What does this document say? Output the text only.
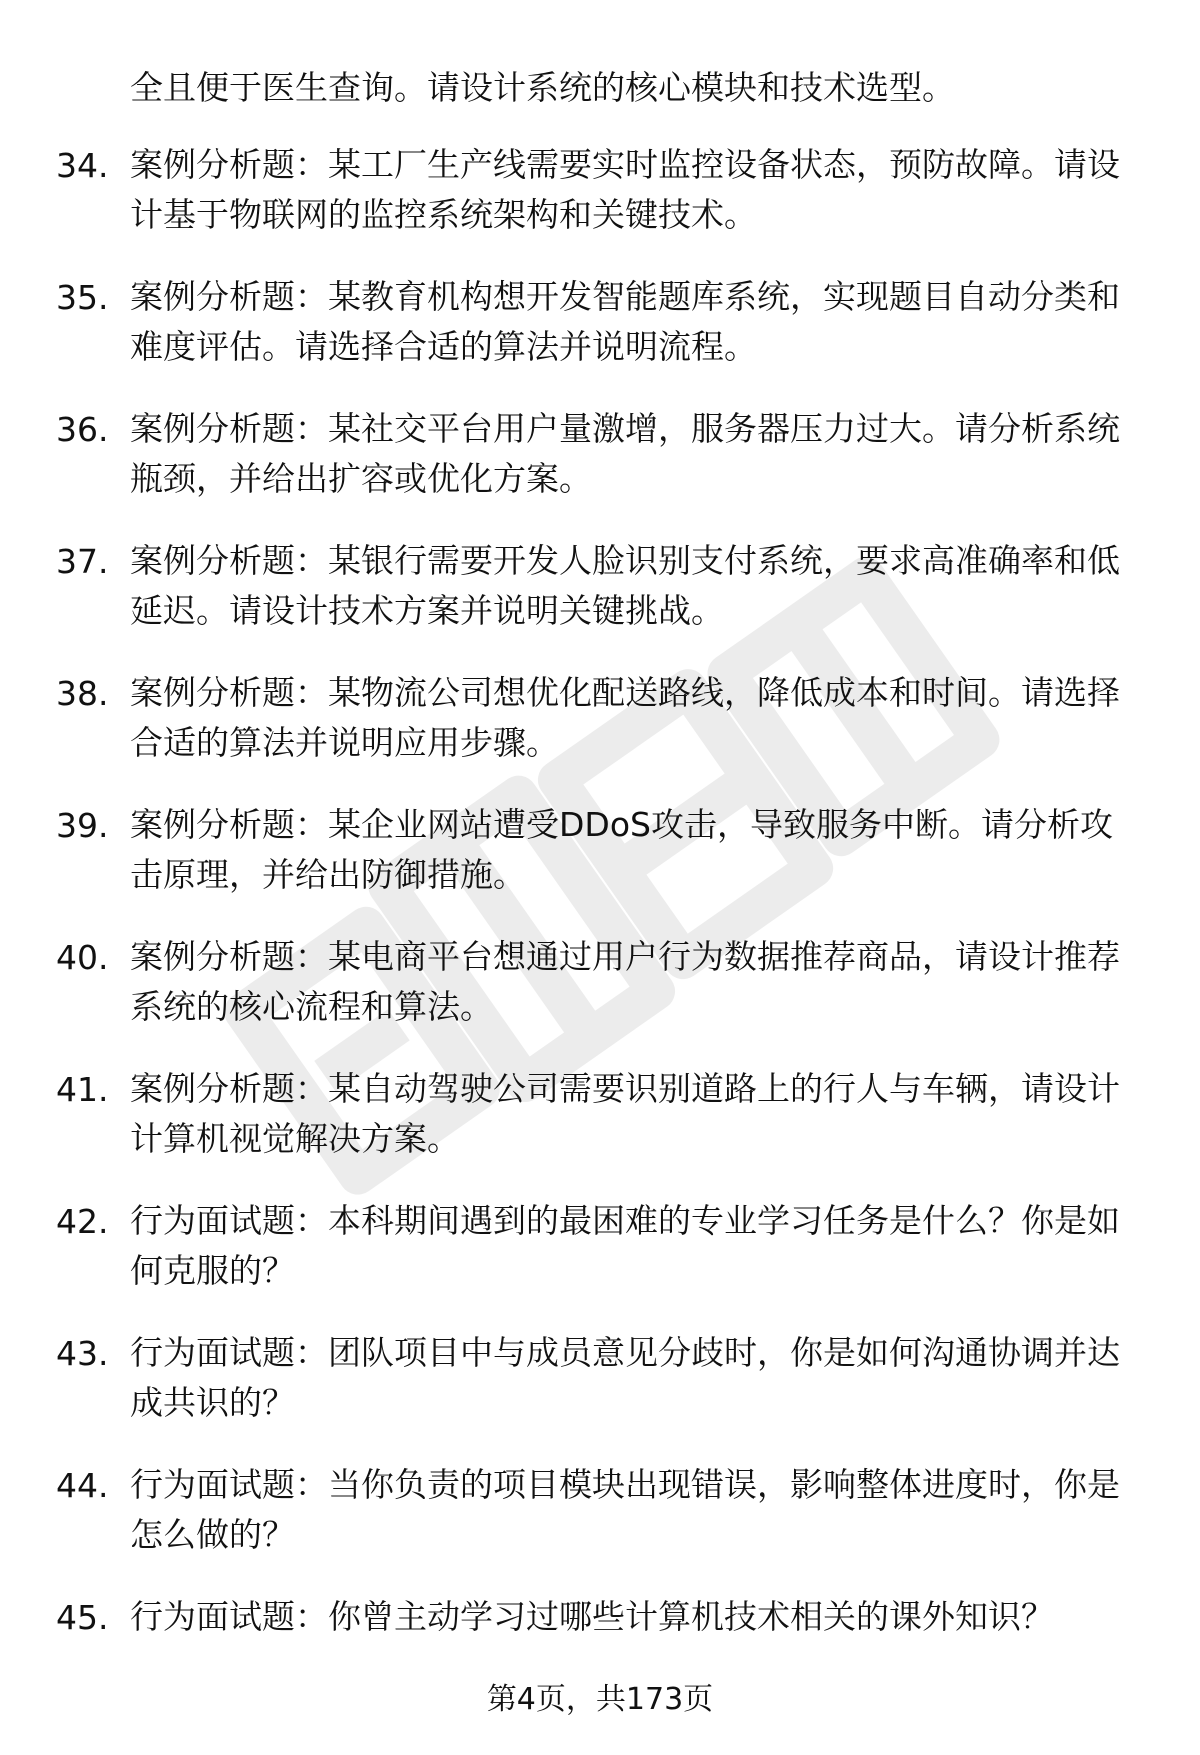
全且便于医生查询。请设计系统的核心模块和技术选型。
34. 案例分析题：某工厂生产线需要实时监控设备状态，预防故障。请设计基于物联网的监控系统架构和关键技术。
35. 案例分析题：某教育机构想开发智能题库系统，实现题目自动分类和难度评估。请选择合适的算法并说明流程。
36. 案例分析题：某社交平台用户量激增，服务器压力过大。请分析系统瓶颈，并给出扩容或优化方案。
37. 案例分析题：某银行需要开发人脸识别支付系统，要求高准确率和低延迟。请设计技术方案并说明关键挑战。
38. 案例分析题：某物流公司想优化配送路线，降低成本和时间。请选择合适的算法并说明应用步骤。
39. 案例分析题：某企业网站遭受DDoS攻击，导致服务中断。请分析攻击原理，并给出防御措施。
40. 案例分析题：某电商平台想通过用户行为数据推荐商品，请设计推荐系统的核心流程和算法。
41. 案例分析题：某自动驾驶公司需要识别道路上的行人与车辆，请设计计算机视觉解决方案。
42. 行为面试题：本科期间遇到的最困难的专业学习任务是什么？你是如何克服的？
43. 行为面试题：团队项目中与成员意见分歧时，你是如何沟通协调并达成共识的？
44. 行为面试题：当你负责的项目模块出现错误，影响整体进度时，你是怎么做的？
45. 行为面试题：你曾主动学习过哪些计算机技术相关的课外知识？
第4页，共173页
